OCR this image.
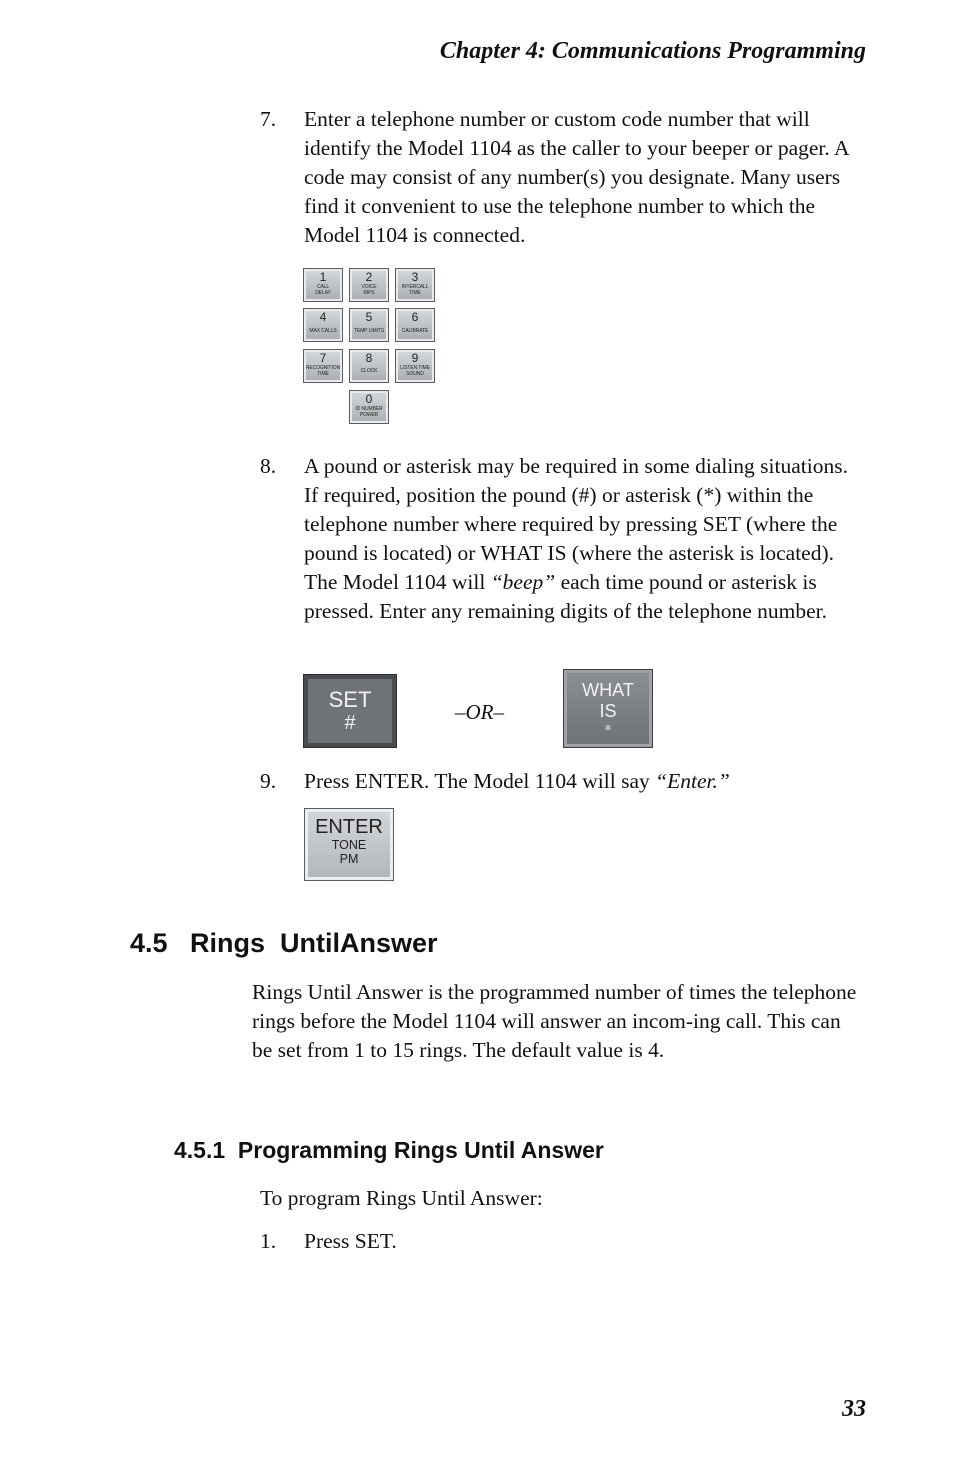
Chapter 4: Communications Programming
7. Enter a telephone number or custom code number that will identify the Model 1104 as the caller to your beeper or pager. A code may consist of any number(s) you designate. Many users find it convenient to use the telephone number to which the Model 1104 is connected.
1
CALL
DELAY
2
VOICE
RIPS
3
INTERCALL
TIME
4
MAX CALLS
5
TEMP LIMITS
6
CALIBRATE
7
RECOGNITION
TIME
8
CLOCK
9
LISTEN TIME
SOUND
0
ID NUMBER
POWER
8. A pound or asterisk may be required in some dialing situations. If required, position the pound (#) or asterisk (*) within the telephone number where required by pressing SET (where the pound is located) or WHAT IS (where the asterisk is located). The Model 1104 will “beep” each time pound or asterisk is pressed. Enter any remaining digits of the telephone number.
SET
#	–OR–
WHAT
IS
∗
9. Press ENTER. The Model 1104 will say “Enter.”
ENTER
TONE
PM
4.5   Rings  UntilAnswer
Rings Until Answer is the programmed number of times the telephone rings before the Model 1104 will answer an incom-ing call. This can be set from 1 to 15 rings. The default value is 4.
4.5.1  Programming Rings Until Answer
To program Rings Until Answer:
1. Press SET.
33
